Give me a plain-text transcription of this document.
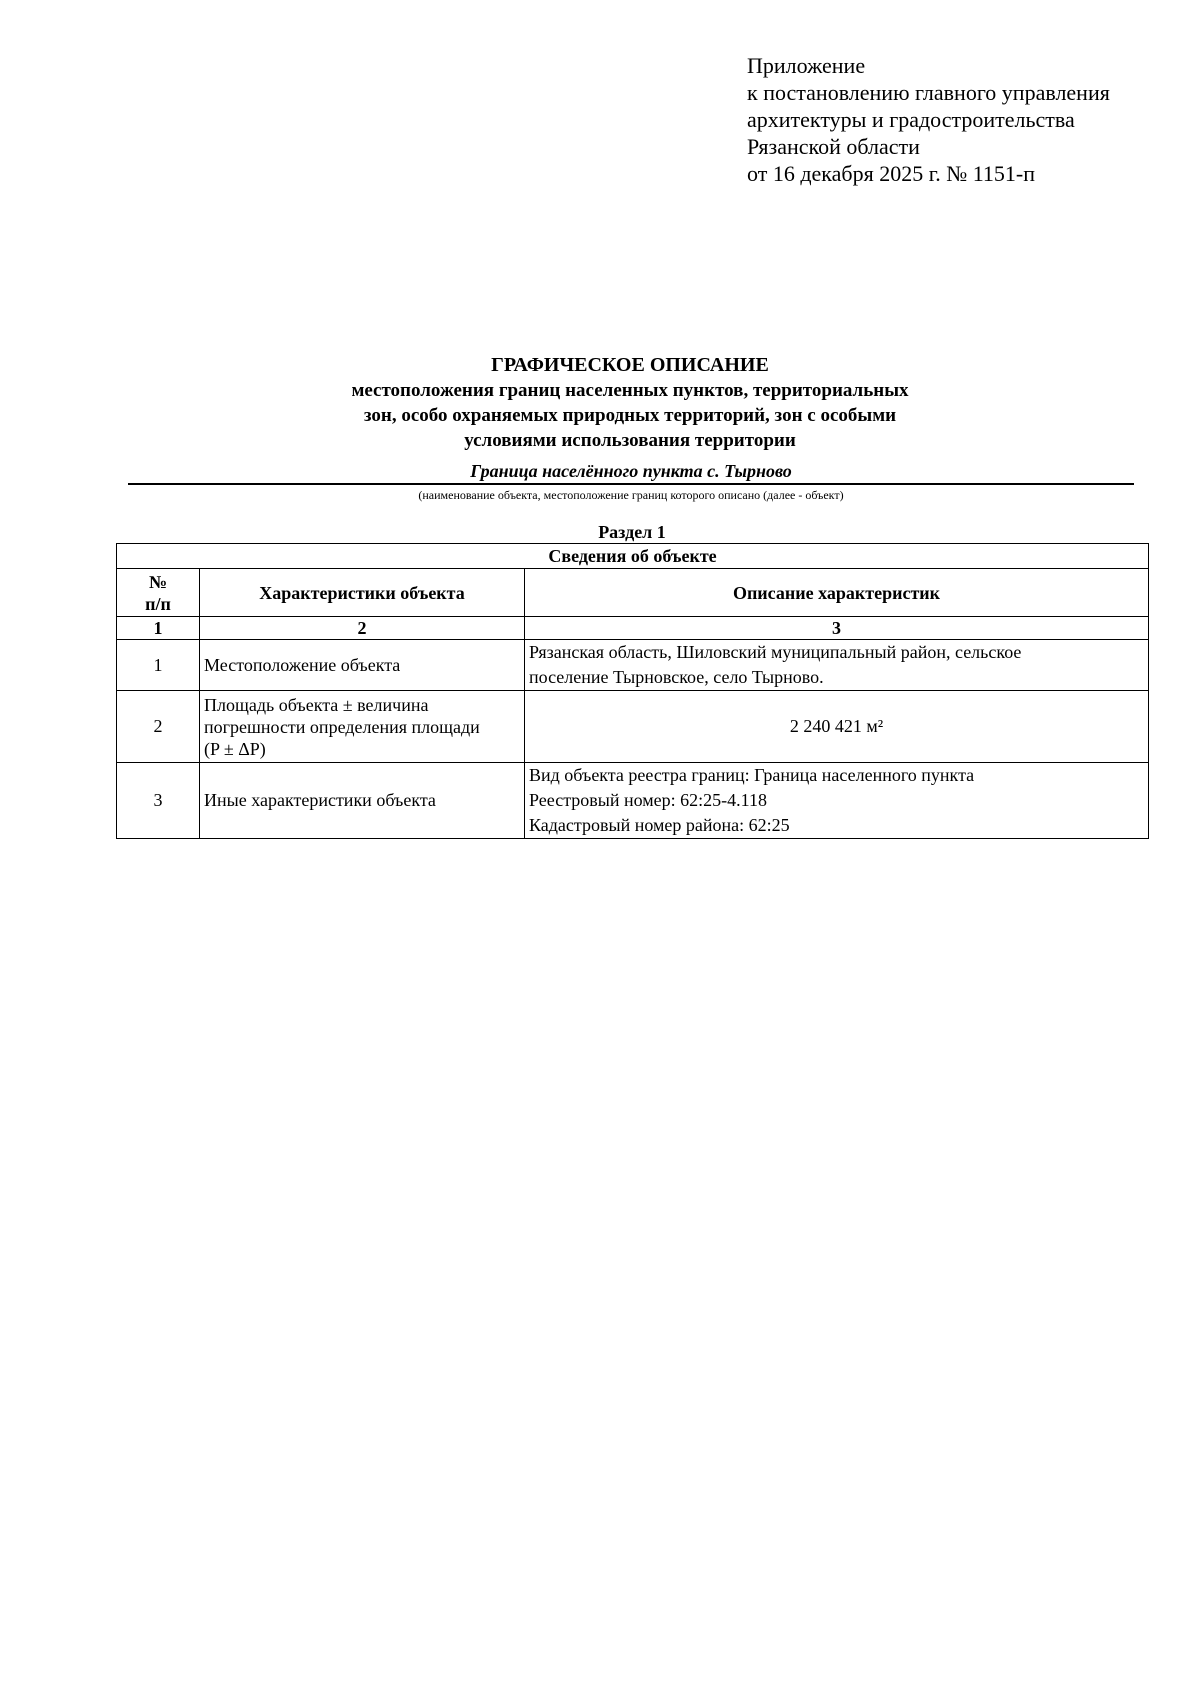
Приложение
к постановлению главного управления
архитектуры и градостроительства
Рязанской области
от 16 декабря 2025 г. № 1151-п
ГРАФИЧЕСКОЕ ОПИСАНИЕ
местоположения границ населенных пунктов, территориальных
зон, особо охраняемых природных территорий, зон с особыми
условиями использования территории
Граница населённого пункта с. Тырново
(наименование объекта, местоположение границ которого описано (далее - объект)
Раздел 1
Сведения об объекте		

№
п/п	Характеристики объекта	Описание характеристик
1	2	3
1	Местоположение объекта	Рязанская область, Шиловский муниципальный район, сельское
поселение Тырновское, село Тырново.

2	Площадь объекта ± величина
погрешности определения площади
(P ± ΔP)	2 240 421 м²

3	Иные характеристики объекта	Вид объекта реестра границ: Граница населенного пункта
Реестровый номер: 62:25-4.118
Кадастровый номер района: 62:25
